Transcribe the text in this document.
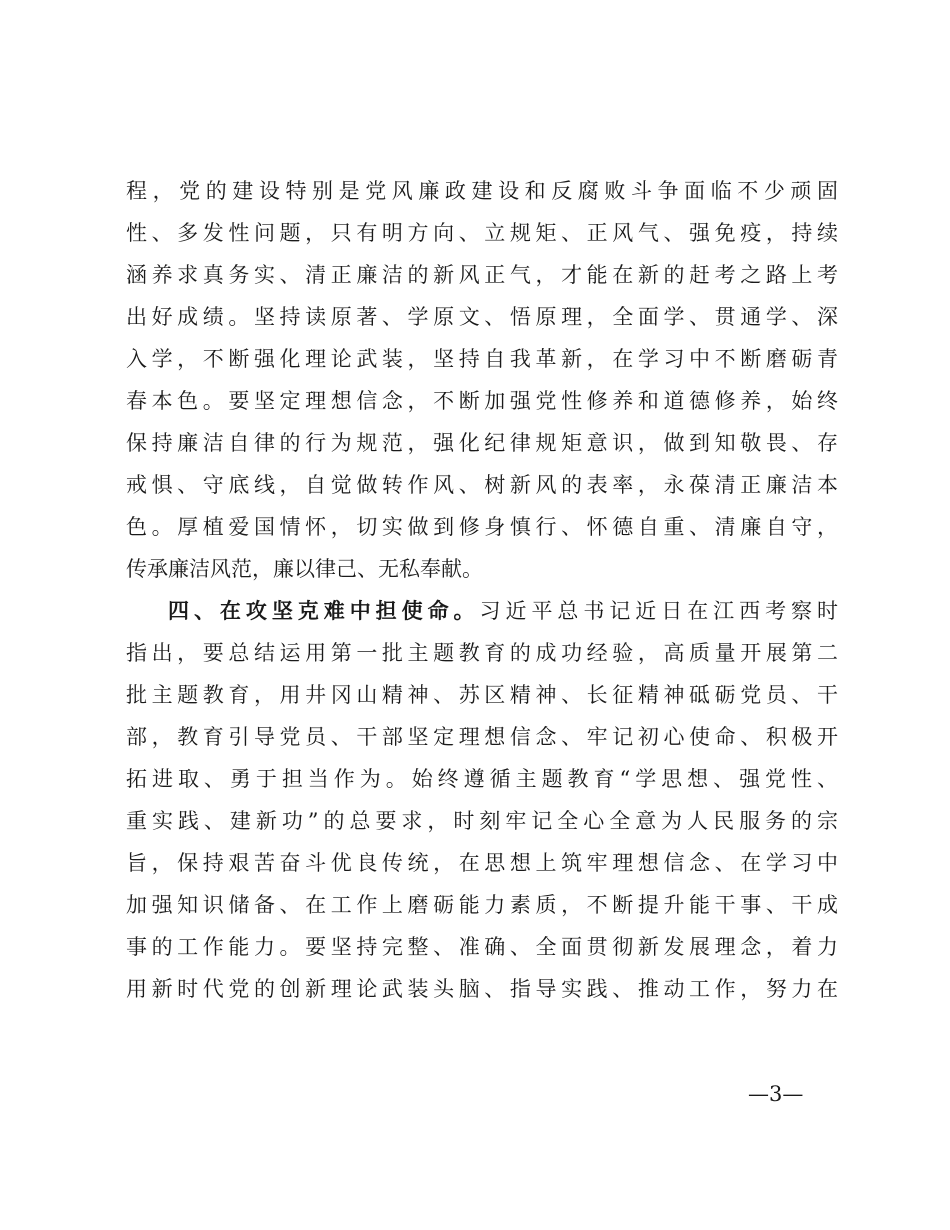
程，党的建设特别是党风廉政建设和反腐败斗争面临不少顽固
性、多发性问题，只有明方向、立规矩、正风气、强免疫，持续
涵养求真务实、清正廉洁的新风正气，才能在新的赶考之路上考
出好成绩。坚持读原著、学原文、悟原理，全面学、贯通学、深
入学，不断强化理论武装，坚持自我革新，在学习中不断磨砺青
春本色。要坚定理想信念，不断加强党性修养和道德修养，始终
保持廉洁自律的行为规范，强化纪律规矩意识，做到知敬畏、存
戒惧、守底线，自觉做转作风、树新风的表率，永葆清正廉洁本
色。厚植爱国情怀，切实做到修身慎行、怀德自重、清廉自守，
传承廉洁风范，廉以律己、无私奉献。
四、在攻坚克难中担使命。习近平总书记近日在江西考察时
指出，要总结运用第一批主题教育的成功经验，高质量开展第二
批主题教育，用井冈山精神、苏区精神、长征精神砥砺党员、干
部，教育引导党员、干部坚定理想信念、牢记初心使命、积极开
拓进取、勇于担当作为。始终遵循主题教育“学思想、强党性、
重实践、建新功”的总要求，时刻牢记全心全意为人民服务的宗
旨，保持艰苦奋斗优良传统，在思想上筑牢理想信念、在学习中
加强知识储备、在工作上磨砺能力素质，不断提升能干事、干成
事的工作能力。要坚持完整、准确、全面贯彻新发展理念，着力
用新时代党的创新理论武装头脑、指导实践、推动工作，努力在
—3—
